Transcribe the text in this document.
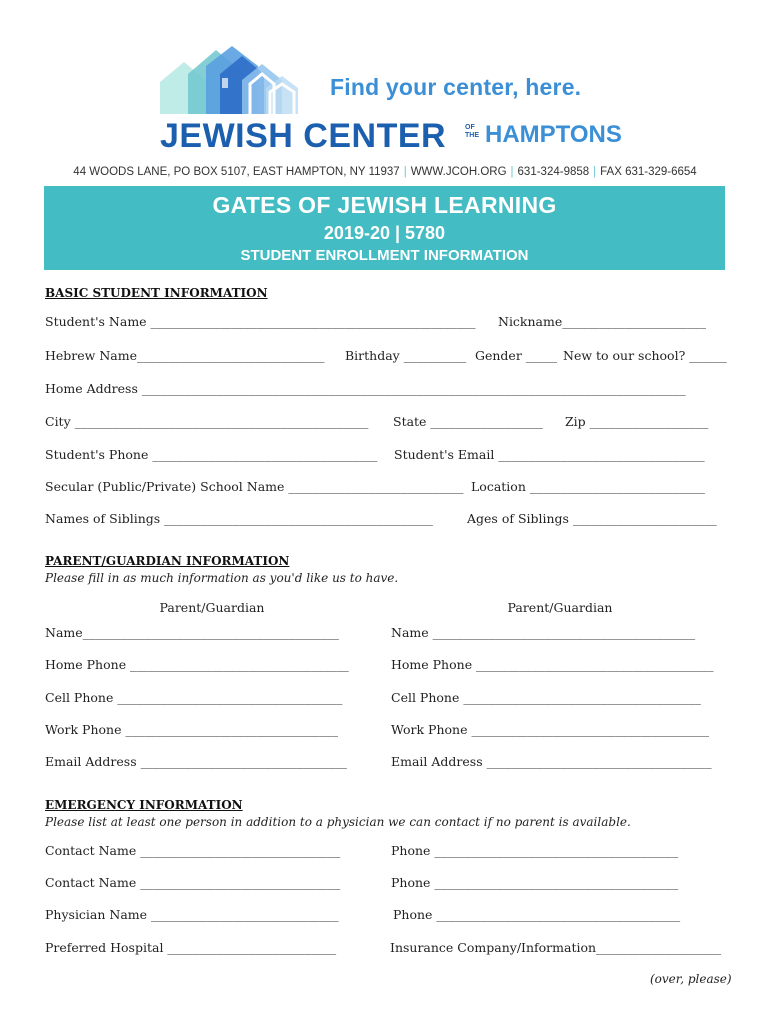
Find your center, here.
JEWISH CENTER	OF
THE HAMPTONS
44 WOODS LANE, PO BOX 5107, EAST HAMPTON, NY 11937 | WWW.JCOH.ORG | 631-324-9858 | FAX 631-329-6654
GATES OF JEWISH LEARNING
2019-20 | 5780
STUDENT ENROLLMENT INFORMATION
BASIC STUDENT INFORMATION
Student's Name ____________________________________________________ Nickname_______________________
Hebrew Name______________________________ Birthday __________ Gender _____ New to our school? ______
Home Address _______________________________________________________________________________________
City _______________________________________________ State __________________ Zip ___________________
Student's Phone ____________________________________ Student's Email _________________________________
Secular (Public/Private) School Name ____________________________ Location ____________________________
Names of Siblings ___________________________________________	Ages of Siblings _______________________
PARENT/GUARDIAN INFORMATION
Please fill in as much information as you'd like us to have.
Parent/Guardian	Parent/Guardian
Name_________________________________________	Name __________________________________________
Home Phone ___________________________________	Home Phone ______________________________________
Cell Phone ____________________________________	Cell Phone ______________________________________
Work Phone __________________________________	Work Phone ______________________________________
Email Address _________________________________	Email Address ____________________________________
EMERGENCY INFORMATION
Please list at least one person in addition to a physician we can contact if no parent is available.
Contact Name ________________________________	Phone _______________________________________
Contact Name ________________________________	Phone _______________________________________
Physician Name ______________________________	Phone _______________________________________
Preferred Hospital ___________________________	Insurance Company/Information____________________
(over, please)
